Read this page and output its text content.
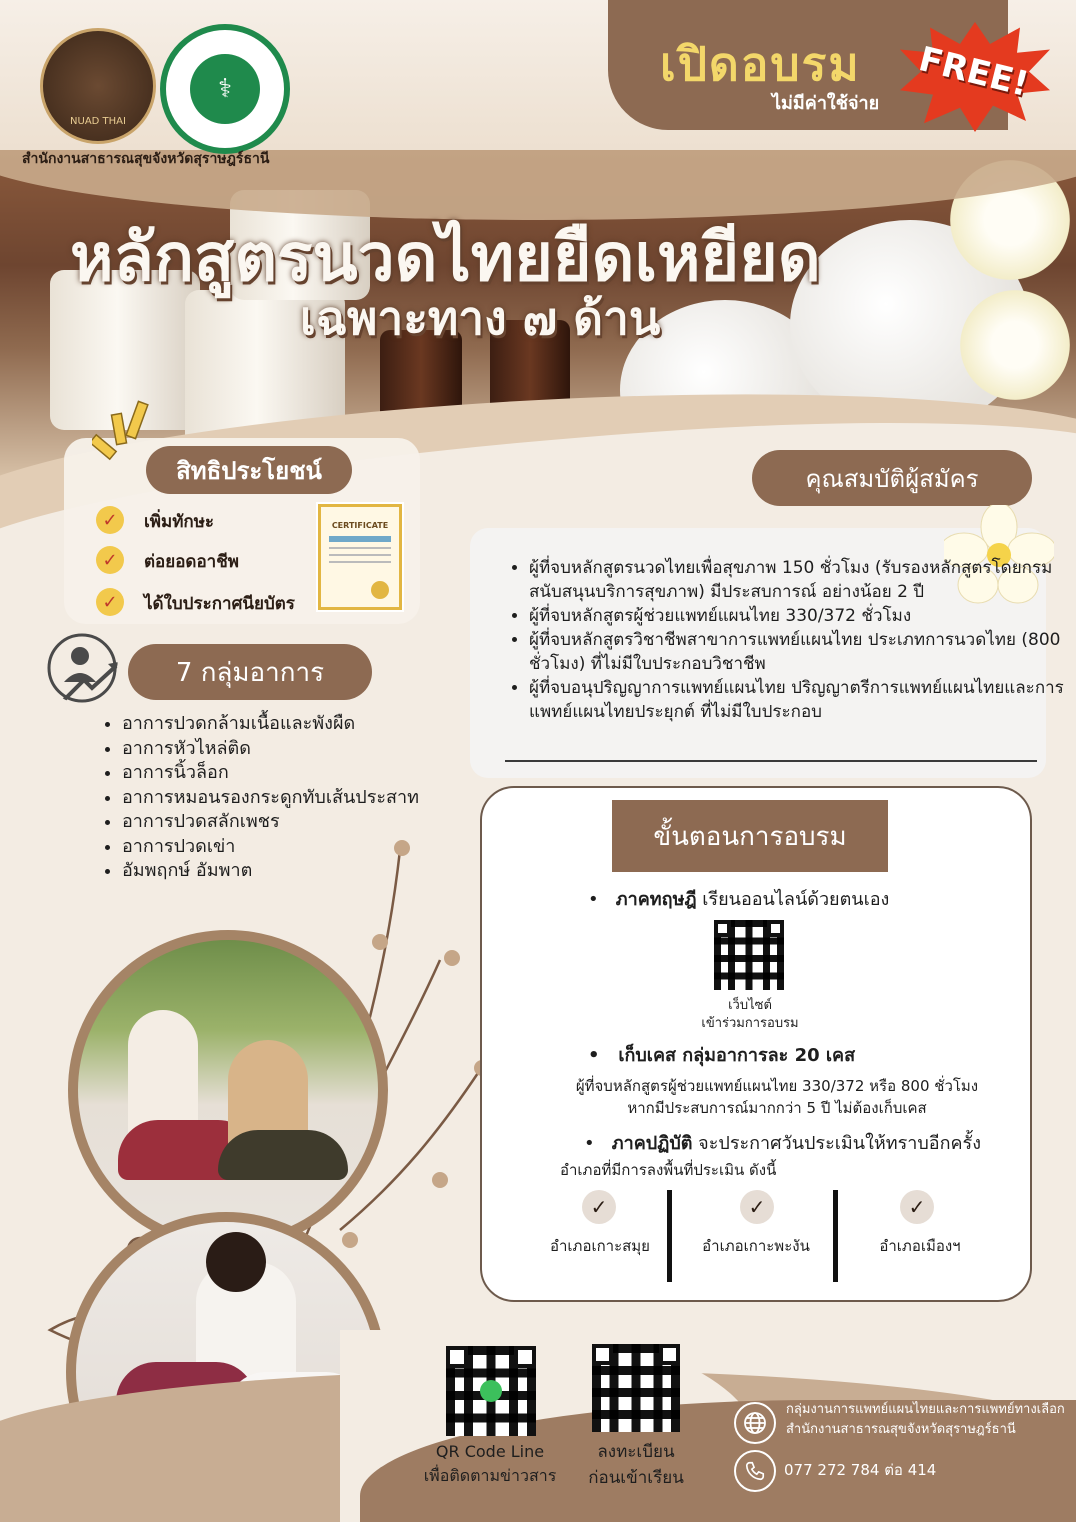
NUAD THAI
⚕
สำนักงานสาธารณสุขจังหวัดสุราษฎร์ธานี
เปิดอบรม
ไม่มีค่าใช้จ่าย FREE!
หลักสูตรนวดไทยยืดเหยียด
เฉพาะทาง ๗ ด้าน
สิทธิประโยชน์
✓	เพิ่มทักษะ
✓	ต่อยอดอาชีพ
✓	ได้ใบประกาศนียบัตร
CERTIFICATE
คุณสมบัติผู้สมัคร
• ผู้ที่จบหลักสูตรนวดไทยเพื่อสุขภาพ 150 ชั่วโมง (รับรองหลักสูตรโดยกรมสนับสนุนบริการสุขภาพ) มีประสบการณ์ อย่างน้อย 2 ปี
• ผู้ที่จบหลักสูตรผู้ช่วยแพทย์แผนไทย 330/372 ชั่วโมง
• ผู้ที่จบหลักสูตรวิชาชีพสาขาการแพทย์แผนไทย ประเภทการนวดไทย (800 ชั่วโมง) ที่ไม่มีใบประกอบวิชาชีพ
• ผู้ที่จบอนุปริญญาการแพทย์แผนไทย ปริญญาตรีการแพทย์แผนไทยและการแพทย์แผนไทยประยุกต์ ที่ไม่มีใบประกอบ
7 กลุ่มอาการ
• อาการปวดกล้ามเนื้อและพังผืด
• อาการหัวไหล่ติด
• อาการนิ้วล็อก
• อาการหมอนรองกระดูกทับเส้นประสาท
• อาการปวดสลักเพชร
• อาการปวดเข่า
• อัมพฤกษ์ อัมพาต
ขั้นตอนการอบรม
•   ภาคทฤษฎี เรียนออนไลน์ด้วยตนเอง
เว็บไซต์
เข้าร่วมการอบรม
•   เก็บเคส กลุ่มอาการละ 20 เคส
ผู้ที่จบหลักสูตรผู้ช่วยแพทย์แผนไทย 330/372 หรือ 800 ชั่วโมง
หากมีประสบการณ์มากกว่า 5 ปี ไม่ต้องเก็บเคส
•   ภาคปฏิบัติ จะประกาศวันประเมินให้ทราบอีกครั้ง
อำเภอที่มีการลงพื้นที่ประเมิน ดังนี้
✓
อำเภอเกาะสมุย
✓
อำเภอเกาะพะงัน
✓
อำเภอเมืองฯ
QR Code Line
เพื่อติดตามข่าวสาร
ลงทะเบียน
ก่อนเข้าเรียน
กลุ่มงานการแพทย์แผนไทยและการแพทย์ทางเลือก
สำนักงานสาธารณสุขจังหวัดสุราษฎร์ธานี
077 272 784 ต่อ 414
